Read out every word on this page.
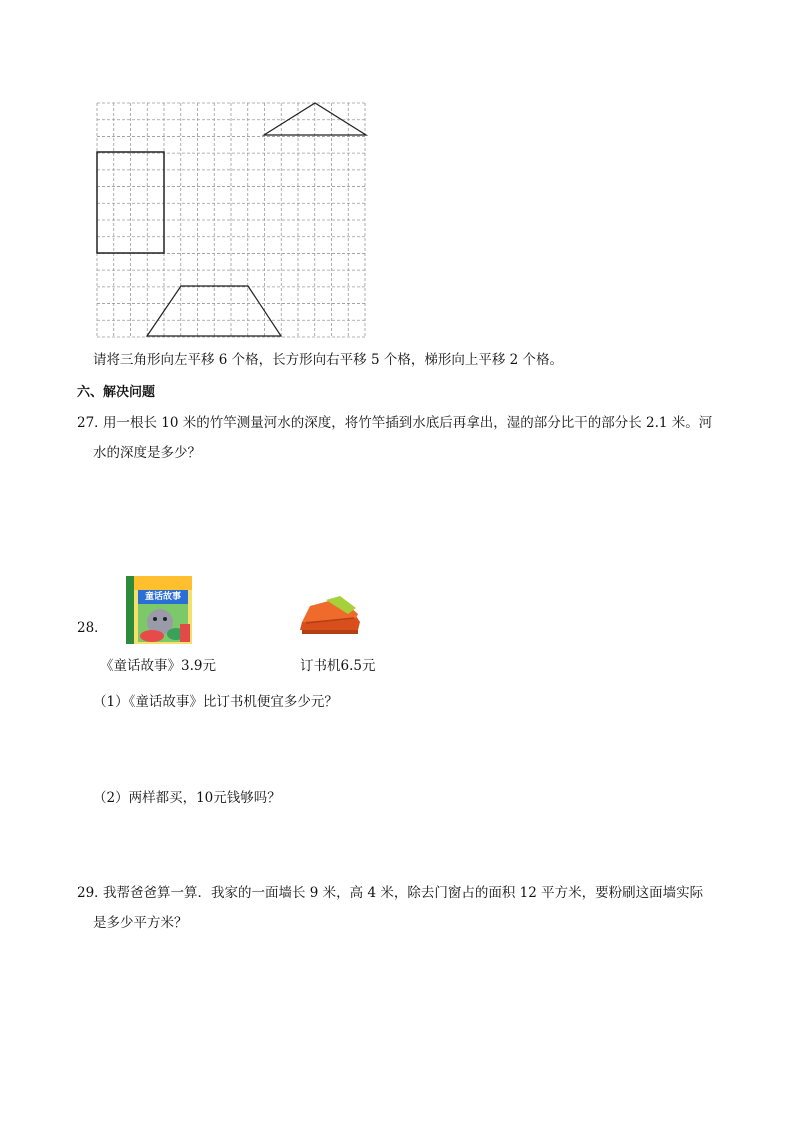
请将三角形向左平移 6 个格，长方形向右平移 5 个格，梯形向上平移 2 个格。
六、解决问题
27．
用一根长 10 米的竹竿测量河水的深度，将竹竿插到水底后再拿出，湿的部分比干的部分长 2.1 米。河
水的深度是多少？
28．
童话故事
《童话故事》3.9元	订书机6.5元
（1）《童话故事》比订书机便宜多少元？
（2）两样都买，10元钱够吗？
29．
我帮爸爸算一算．我家的一面墙长 9 米，高 4 米，除去门窗占的面积 12 平方米，要粉刷这面墙实际
是多少平方米？
